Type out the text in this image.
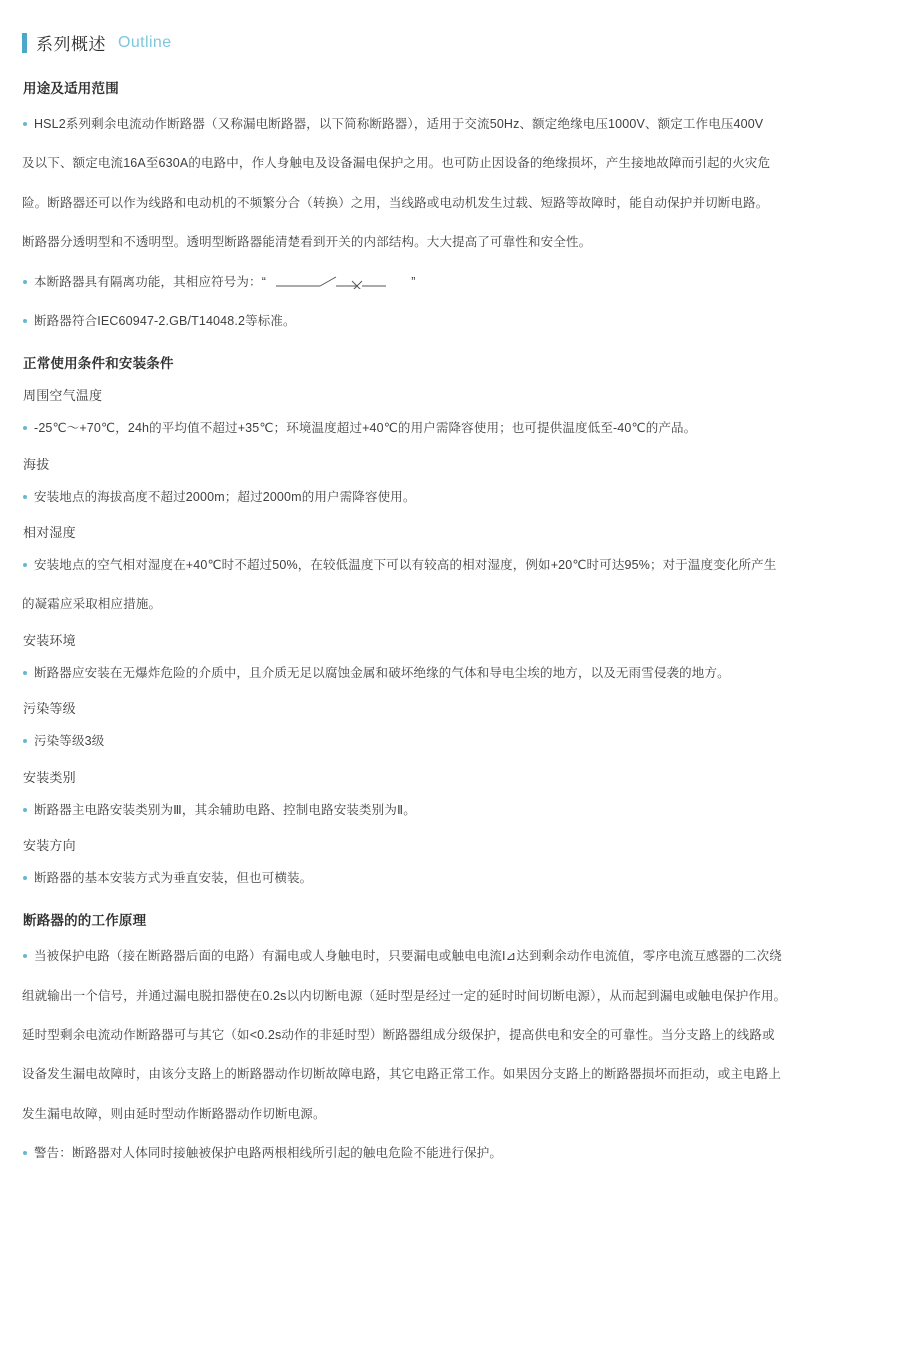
系列概述 Outline
用途及适用范围
HSL2系列剩余电流动作断路器（又称漏电断路器，以下简称断路器），适用于交流50Hz、额定绝缘电压1000V、额定工作电压400V
及以下、额定电流16A至630A的电路中，作人身触电及设备漏电保护之用。也可防止因设备的绝缘损坏，产生接地故障而引起的火灾危
险。断路器还可以作为线路和电动机的不频繁分合（转换）之用，当线路或电动机发生过载、短路等故障时，能自动保护并切断电路。
断路器分透明型和不透明型。透明型断路器能清楚看到开关的内部结构。大大提高了可靠性和安全性。
本断路器具有隔离功能，其相应符号为：“	”
断路器符合IEC60947-2.GB/T14048.2等标准。
正常使用条件和安装条件
周围空气温度
-25℃～+70℃，24h的平均值不超过+35℃；环境温度超过+40℃的用户需降容使用；也可提供温度低至-40℃的产品。
海拔
安装地点的海拔高度不超过2000m；超过2000m的用户需降容使用。
相对湿度
安装地点的空气相对湿度在+40℃时不超过50%，在较低温度下可以有较高的相对湿度，例如+20℃时可达95%；对于温度变化所产生
的凝霜应采取相应措施。
安装环境
断路器应安装在无爆炸危险的介质中，且介质无足以腐蚀金属和破坏绝缘的气体和导电尘埃的地方，以及无雨雪侵袭的地方。
污染等级
污染等级3级
安装类别
断路器主电路安装类别为Ⅲ，其余辅助电路、控制电路安装类别为Ⅱ。
安装方向
断路器的基本安装方式为垂直安装，但也可横装。
断路器的的工作原理
当被保护电路（接在断路器后面的电路）有漏电或人身触电时，只要漏电或触电电流I⊿达到剩余动作电流值，零序电流互感器的二次绕
组就输出一个信号，并通过漏电脱扣器使在0.2s以内切断电源（延时型是经过一定的延时时间切断电源），从而起到漏电或触电保护作用。
延时型剩余电流动作断路器可与其它（如<0.2s动作的非延时型）断路器组成分级保护，提高供电和安全的可靠性。当分支路上的线路或
设备发生漏电故障时，由该分支路上的断路器动作切断故障电路，其它电路正常工作。如果因分支路上的断路器损坏而拒动，或主电路上
发生漏电故障，则由延时型动作断路器动作切断电源。
警告：断路器对人体同时接触被保护电路两根相线所引起的触电危险不能进行保护。
